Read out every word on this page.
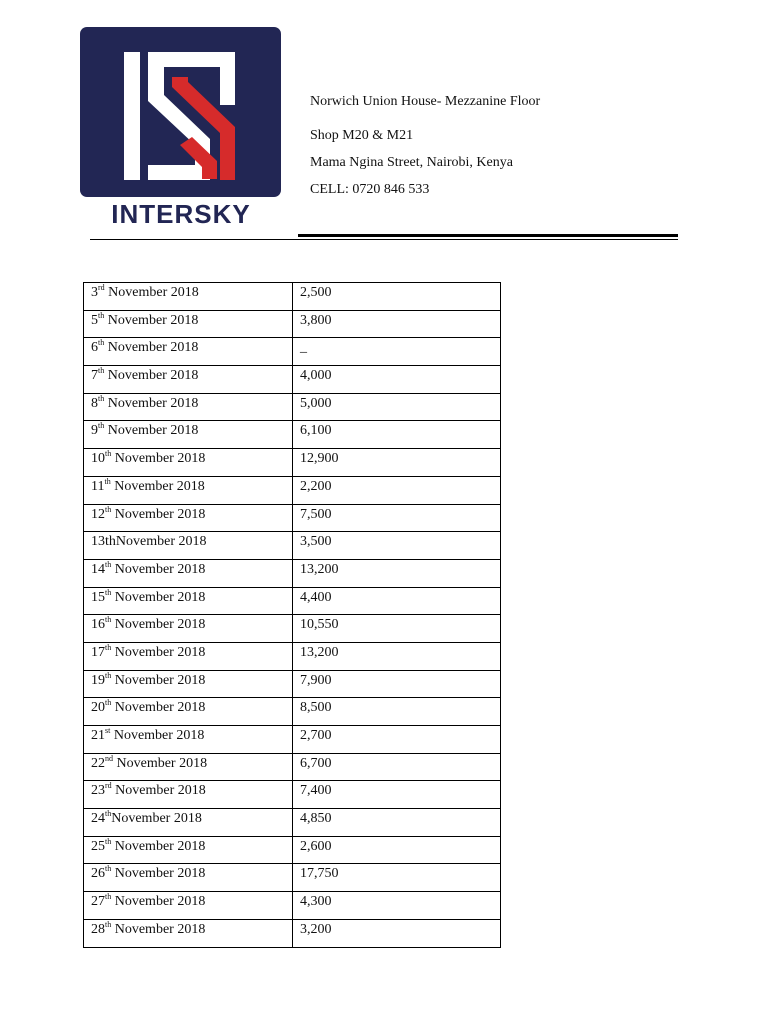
INTERSKY
Norwich Union House- Mezzanine Floor
Shop M20 & M21
Mama Ngina Street, Nairobi, Kenya
CELL: 0720 846 533
3rd November 2018	2,500
5th November 2018	3,800
6th November 2018	_
7th November 2018	4,000
8th November 2018	5,000
9th November 2018	6,100
10th November 2018	12,900
11th November 2018	2,200
12th November 2018	7,500
13thNovember 2018	3,500
14th November 2018	13,200
15th November 2018	4,400
16th November 2018	10,550
17th November 2018	13,200
19th November 2018	7,900
20th November 2018	8,500
21st November 2018	2,700
22nd November 2018	6,700
23rd November 2018	7,400
24thNovember 2018	4,850
25th November 2018	2,600
26th November 2018	17,750
27th November 2018	4,300
28th November 2018	3,200
